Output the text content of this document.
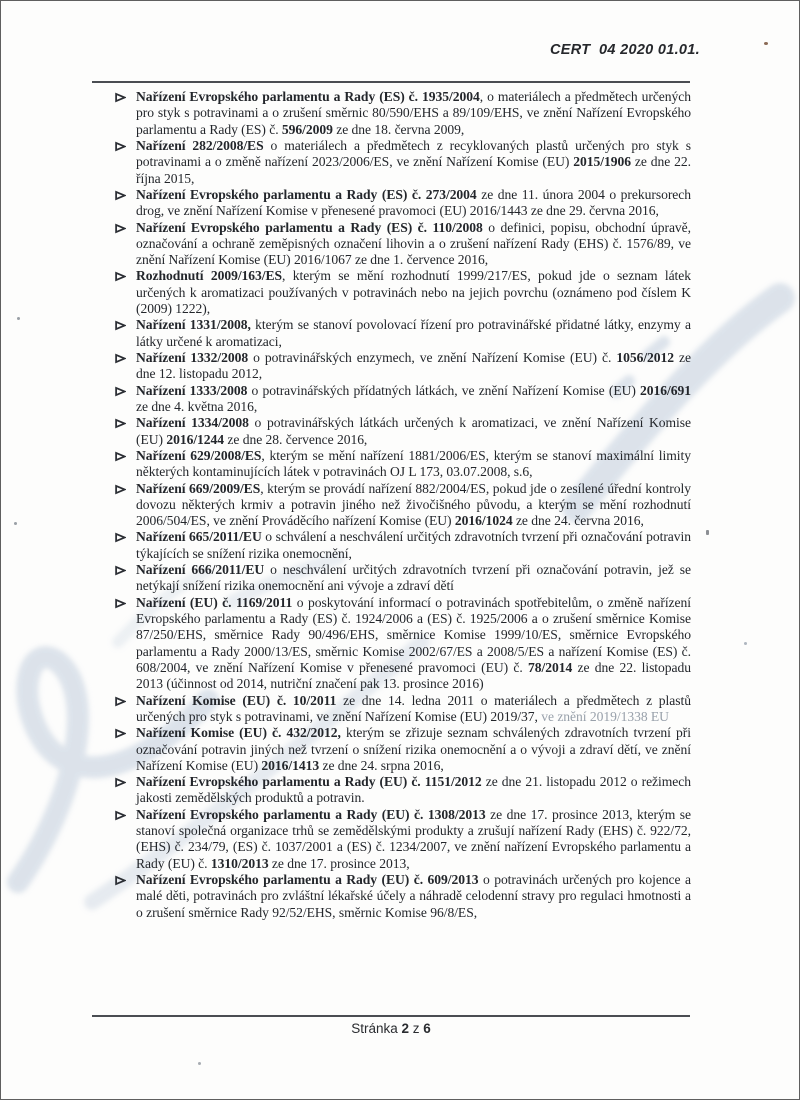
CERT  04 2020 01.01.
Nařízení Evropského parlamentu a Rady (ES) č. 1935/2004, o materiálech a předmětech určených pro styk s potravinami a o zrušení směrnic 80/590/EHS a 89/109/EHS, ve znění Nařízení Evropského parlamentu a Rady (ES) č. 596/2009 ze dne 18. června 2009,
Nařízení 282/2008/ES o materiálech a předmětech z recyklovaných plastů určených pro styk s potravinami a o změně nařízení 2023/2006/ES, ve znění Nařízení Komise (EU) 2015/1906 ze dne 22. října 2015,
Nařízení Evropského parlamentu a Rady (ES) č. 273/2004 ze dne 11. února 2004 o prekursorech drog, ve znění Nařízení Komise v přenesené pravomoci (EU) 2016/1443 ze dne 29. června 2016,
Nařízení Evropského parlamentu a Rady (ES) č. 110/2008 o definici, popisu, obchodní úpravě, označování a ochraně zeměpisných označení lihovin a o zrušení nařízení Rady (EHS) č. 1576/89, ve znění Nařízení Komise (EU) 2016/1067 ze dne 1. července 2016,
Rozhodnutí 2009/163/ES, kterým se mění rozhodnutí 1999/217/ES, pokud jde o seznam látek určených k aromatizaci používaných v potravinách nebo na jejich povrchu (oznámeno pod číslem K (2009) 1222),
Nařízení 1331/2008, kterým se stanoví povolovací řízení pro potravinářské přidatné látky, enzymy a látky určené k aromatizaci,
Nařízení 1332/2008 o potravinářských enzymech, ve znění Nařízení Komise (EU) č. 1056/2012 ze dne 12. listopadu 2012,
Nařízení 1333/2008 o potravinářských přídatných látkách, ve znění Nařízení Komise (EU) 2016/691 ze dne 4. května 2016,
Nařízení 1334/2008 o potravinářských látkách určených k aromatizaci, ve znění Nařízení Komise (EU) 2016/1244 ze dne 28. července 2016,
Nařízení 629/2008/ES, kterým se mění nařízení 1881/2006/ES, kterým se stanoví maximální limity některých kontaminujících látek v potravinách OJ L 173, 03.07.2008, s.6,
Nařízení 669/2009/ES, kterým se provádí nařízení 882/2004/ES, pokud jde o zesílené úřední kontroly dovozu některých krmiv a potravin jiného než živočišného původu, a kterým se mění rozhodnutí 2006/504/ES, ve znění Prováděcího nařízení Komise (EU) 2016/1024 ze dne 24. června 2016,
Nařízení 665/2011/EU o schválení a neschválení určitých zdravotních tvrzení při označování potravin týkajících se snížení rizika onemocnění,
Nařízení 666/2011/EU o neschválení určitých zdravotních tvrzení při označování potravin, jež se netýkají snížení rizika onemocnění ani vývoje a zdraví dětí
Nařízení (EU) č. 1169/2011 o poskytování informací o potravinách spotřebitelům, o změně nařízení Evropského parlamentu a Rady (ES) č. 1924/2006 a (ES) č. 1925/2006 a o zrušení směrnice Komise 87/250/EHS, směrnice Rady 90/496/EHS, směrnice Komise 1999/10/ES, směrnice Evropského parlamentu a Rady 2000/13/ES, směrnic Komise 2002/67/ES a 2008/5/ES a nařízení Komise (ES) č. 608/2004, ve znění Nařízení Komise v přenesené pravomoci (EU) č. 78/2014 ze dne 22. listopadu 2013 (účinnost od 2014, nutriční značení pak 13. prosince 2016)
Nařízení Komise (EU) č. 10/2011 ze dne 14. ledna 2011 o materiálech a předmětech z plastů určených pro styk s potravinami, ve znění Nařízení Komise (EU) 2019/37, ve znění 2019/1338 EU
Nařízení Komise (EU) č. 432/2012, kterým se zřizuje seznam schválených zdravotních tvrzení při označování potravin jiných než tvrzení o snížení rizika onemocnění a o vývoji a zdraví dětí, ve znění Nařízení Komise (EU) 2016/1413 ze dne 24. srpna 2016,
Nařízení Evropského parlamentu a Rady (EU) č. 1151/2012 ze dne 21. listopadu 2012 o režimech jakosti zemědělských produktů a potravin.
Nařízení Evropského parlamentu a Rady (EU) č. 1308/2013 ze dne 17. prosince 2013, kterým se stanoví společná organizace trhů se zemědělskými produkty a zrušují nařízení Rady (EHS) č. 922/72, (EHS) č. 234/79, (ES) č. 1037/2001 a (ES) č. 1234/2007, ve znění nařízení Evropského parlamentu a Rady (EU) č. 1310/2013 ze dne 17. prosince 2013,
Nařízení Evropského parlamentu a Rady (EU) č. 609/2013 o potravinách určených pro kojence a malé děti, potravinách pro zvláštní lékařské účely a náhradě celodenní stravy pro regulaci hmotnosti a o zrušení směrnice Rady 92/52/EHS, směrnic Komise 96/8/ES,
Stránka 2 z 6
